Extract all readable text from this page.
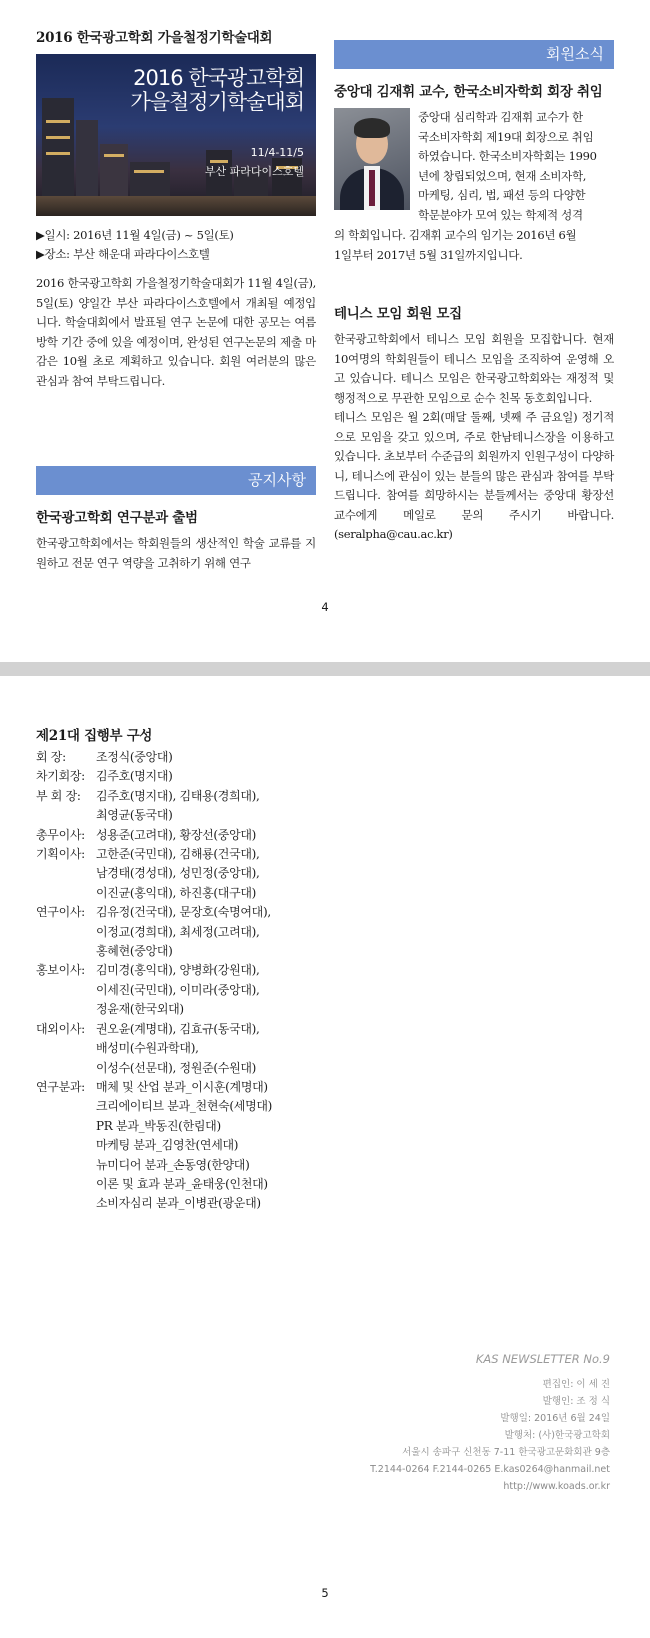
2016 한국광고학회 가을철정기학술대회
2016 한국광고학회
가을철정기학술대회
11/4-11/5
부산 파라다이스호텔
▶일시: 2016년 11월 4일(금) ~ 5일(토)
▶장소: 부산 해운대 파라다이스호텔

2016 한국광고학회 가을철정기학술대회가 11월 4일(금), 5일(토) 양일간 부산 파라다이스호텔에서 개최될 예정입니다. 학술대회에서 발표될 연구 논문에 대한 공모는 여름 방학 기간 중에 있을 예정이며, 완성된 연구논문의 제출 마감은 10월 초로 계획하고 있습니다. 회원 여러분의 많은 관심과 참여 부탁드립니다.

공지사항
한국광고학회 연구분과 출범

한국광고학회에서는 학회원들의 생산적인 학술 교류를 지원하고 전문 연구 역량을 고취하기 위해 연구

회원소식
중앙대 김재휘 교수, 한국소비자학회 회장 취임

중앙대 심리학과 김재휘 교수가 한

국소비자학회 제19대 회장으로 취임

하였습니다. 한국소비자학회는 1990

년에 창립되었으며, 현재 소비자학,

마케팅, 심리, 법, 패션 등의 다양한

학문분야가 모여 있는 학제적 성격

의 학회입니다. 김재휘 교수의 임기는 2016년 6월

1일부터 2017년 5월 31일까지입니다.

테니스 모임 회원 모집

한국광고학회에서 테니스 모임 회원을 모집합니다. 현재 10여명의 학회원들이 테니스 모임을 조직하여 운영해 오고 있습니다. 테니스 모임은 한국광고학회와는 재정적 및 행정적으로 무관한 모임으로 순수 친목 동호회입니다.

테니스 모임은 월 2회(매달 둘째, 넷째 주 금요일) 정기적으로 모임을 갖고 있으며, 주로 한남테니스장을 이용하고 있습니다. 초보부터 수준급의 회원까지 인원구성이 다양하니, 테니스에 관심이 있는 분들의 많은 관심과 참여를 부탁드립니다. 참여를 희망하시는 분들께서는 중앙대 황장선 교수에게 메일로 문의 주시기 바랍니다.(seralpha@cau.ac.kr)

4
제21대 집행부 구성
회 장:	조정식(중앙대)
차기회장: 김주호(명지대)
부 회 장:	김주호(명지대), 김태용(경희대),
최영균(동국대)
총무이사: 성용준(고려대), 황장선(중앙대)
기획이사: 고한준(국민대), 김해룡(건국대),
남경태(경성대), 성민정(중앙대),
이진균(홍익대), 하진홍(대구대)
연구이사: 김유정(건국대), 문장호(숙명여대),
이정교(경희대), 최세정(고려대),
홍혜현(중앙대)
홍보이사: 김미경(홍익대), 양병화(강원대),
이세진(국민대), 이미라(중앙대),
정윤재(한국외대)
대외이사: 권오윤(계명대), 김효규(동국대),
배성미(수원과학대),
이성수(선문대), 정원준(수원대)
연구분과: 매체 및 산업 분과_이시훈(계명대)
크리에이티브 분과_천현숙(세명대)
PR 분과_박동진(한림대)
마케팅 분과_김영찬(연세대)
뉴미디어 분과_손동영(한양대)
이론 및 효과 분과_윤태웅(인천대)
소비자심리 분과_이병관(광운대)
KAS NEWSLETTER No.9
편집인: 이 세 진
발행인: 조 정 식
발행일: 2016년 6월 24일
발행처: (사)한국광고학회
서울시 송파구 신천동 7-11 한국광고문화회관 9층
T.2144-0264 F.2144-0265 E.kas0264@hanmail.net
http://www.koads.or.kr
5
